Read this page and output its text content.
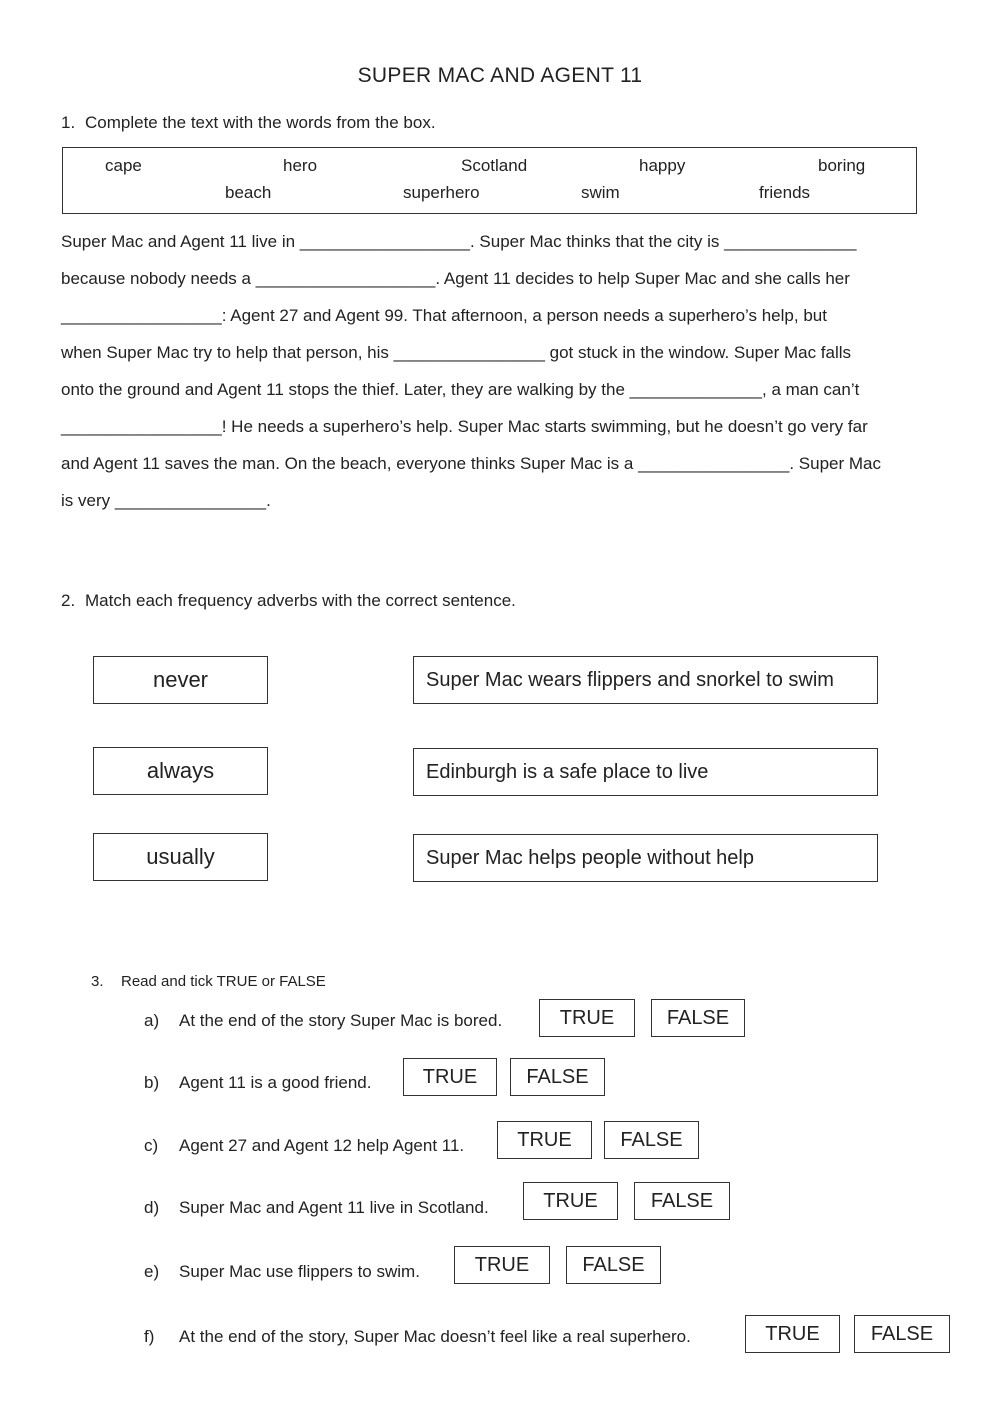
SUPER MAC AND AGENT 11
1. Complete the text with the words from the box.
cape	hero	Scotland	happy	boring
beach	superhero	swim	friends
Super Mac and Agent 11 live in __________________. Super Mac thinks that the city is ______________
because nobody needs a ___________________. Agent 11 decides to help Super Mac and she calls her
_________________: Agent 27 and Agent 99. That afternoon, a person needs a superhero’s help, but
when Super Mac try to help that person, his ________________ got stuck in the window. Super Mac falls
onto the ground and Agent 11 stops the thief. Later, they are walking by the ______________, a man can’t
_________________! He needs a superhero’s help. Super Mac starts swimming, but he doesn’t go very far
and Agent 11 saves the man. On the beach, everyone thinks Super Mac is a ________________. Super Mac
is very ________________.
2. Match each frequency adverbs with the correct sentence.
never
always
usually
Super Mac wears flippers and snorkel to swim
Edinburgh is a safe place to live
Super Mac helps people without help
3. Read and tick TRUE or FALSE
a) At the end of the story Super Mac is bored.	TRUE	FALSE
b) Agent 11 is a good friend.	TRUE	FALSE
c) Agent 27 and Agent 12 help Agent 11.	TRUE	FALSE
d) Super Mac and Agent 11 live in Scotland.	TRUE	FALSE
e) Super Mac use flippers to swim.	TRUE	FALSE
f) At the end of the story, Super Mac doesn’t feel like a real superhero.	TRUE	FALSE
